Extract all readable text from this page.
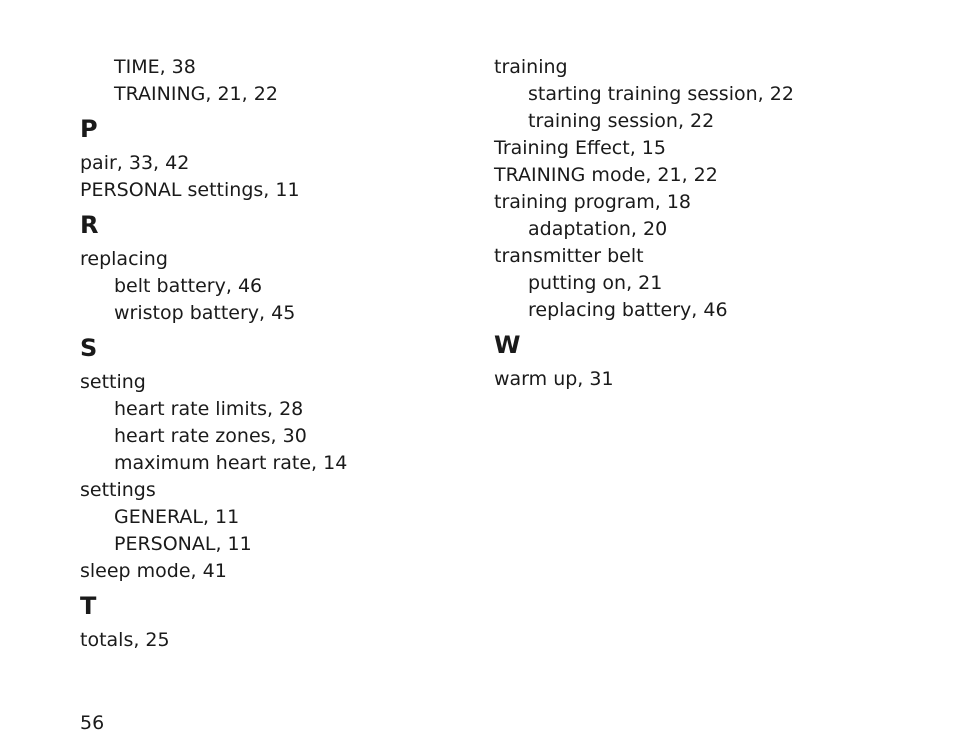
TIME, 38
TRAINING, 21, 22
P
pair, 33, 42
PERSONAL settings, 11
R
replacing
belt battery, 46
wristop battery, 45
S
setting
heart rate limits, 28
heart rate zones, 30
maximum heart rate, 14
settings
GENERAL, 11
PERSONAL, 11
sleep mode, 41
T
totals, 25
training
starting training session, 22
training session, 22
Training Effect, 15
TRAINING mode, 21, 22
training program, 18
adaptation, 20
transmitter belt
putting on, 21
replacing battery, 46
W
warm up, 31
56
